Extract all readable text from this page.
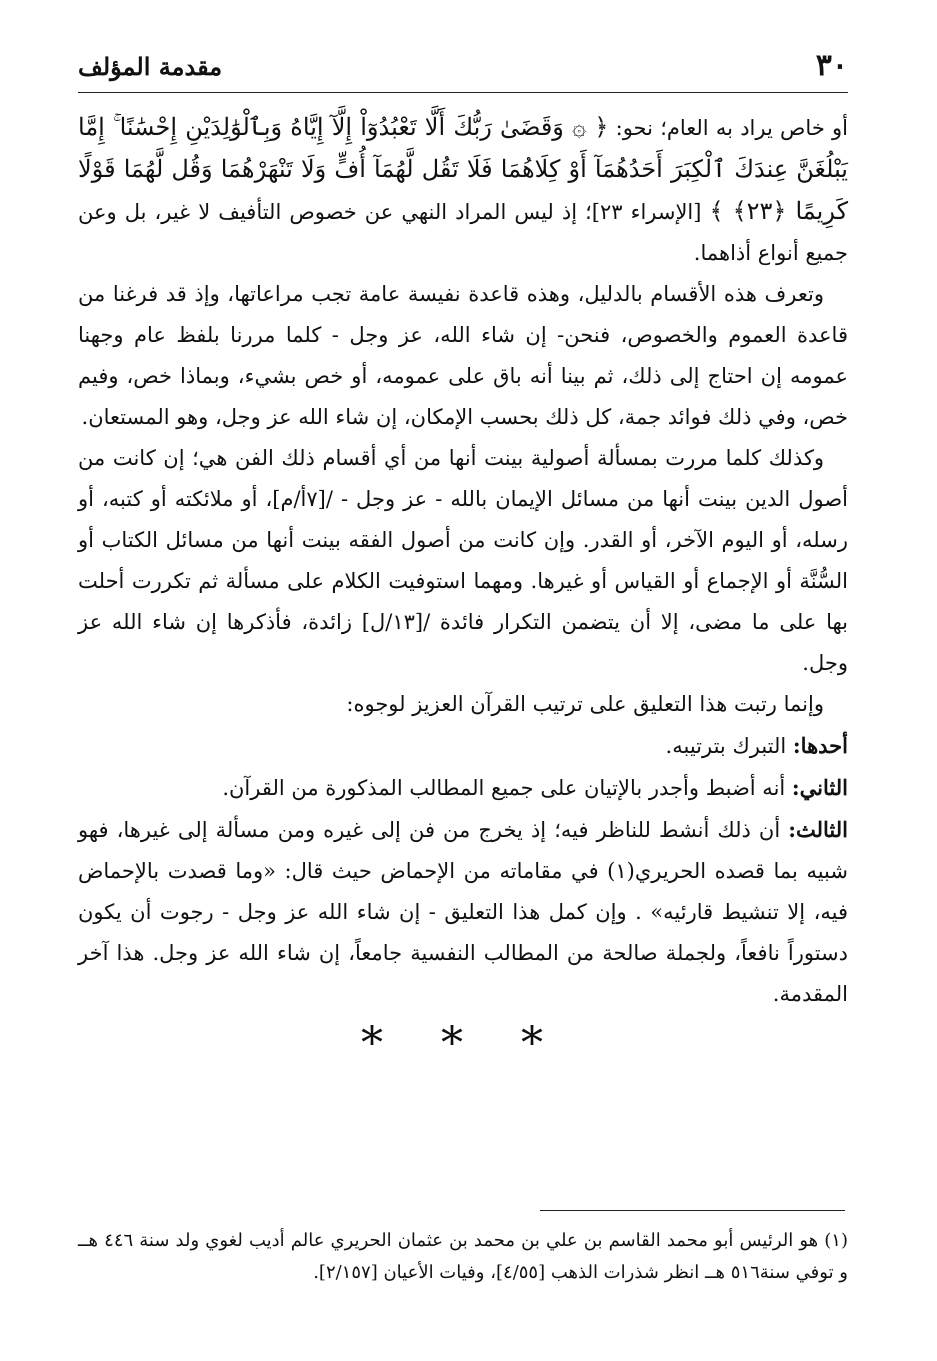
٣٠
مقدمة المؤلف

أو خاص يراد به العام؛ نحو: ﴿ ۞ وَقَضَىٰ رَبُّكَ أَلَّا تَعْبُدُوٓاْ إِلَّآ إِيَّاهُ وَبِٱلْوَٰلِدَيْنِ إِحْسَٰنًا ۚ إِمَّا يَبْلُغَنَّ عِندَكَ ٱلْكِبَرَ أَحَدُهُمَآ أَوْ كِلَاهُمَا فَلَا تَقُل لَّهُمَآ أُفٍّ وَلَا تَنْهَرْهُمَا وَقُل لَّهُمَا قَوْلًا كَرِيمًا ﴿٢٣﴾ ﴾ [الإسراء ٢٣]؛ إذ ليس المراد النهي عن خصوص التأفيف لا غير، بل وعن جميع أنواع أذاهما.

وتعرف هذه الأقسام بالدليل، وهذه قاعدة نفيسة عامة تجب مراعاتها، وإذ قد فرغنا من قاعدة العموم والخصوص، فنحن- إن شاء الله، عز وجل - كلما مررنا بلفظ عام وجهنا عمومه إن احتاج إلى ذلك، ثم بينا أنه باق على عمومه، أو خص بشيء، وبماذا خص، وفيم خص، وفي ذلك فوائد جمة، كل ذلك بحسب الإمكان، إن شاء الله عز وجل، وهو المستعان.

وكذلك كلما مررت بمسألة أصولية بينت أنها من أي أقسام ذلك الفن هي؛ إن كانت من أصول الدين بينت أنها من مسائل الإيمان بالله - عز وجل - /[٧أ/م]، أو ملائكته أو كتبه، أو رسله، أو اليوم الآخر، أو القدر. وإن كانت من أصول الفقه بينت أنها من مسائل الكتاب أو السُّنَّة أو الإجماع أو القياس أو غيرها. ومهما استوفيت الكلام على مسألة ثم تكررت أحلت بها على ما مضى، إلا أن يتضمن التكرار فائدة /[١٣/ل] زائدة، فأذكرها إن شاء الله عز وجل.

وإنما رتبت هذا التعليق على ترتيب القرآن العزيز لوجوه:

أحدها: التبرك بترتيبه.

الثاني: أنه أضبط وأجدر بالإتيان على جميع المطالب المذكورة من القرآن.

الثالث: أن ذلك أنشط للناظر فيه؛ إذ يخرج من فن إلى غيره ومن مسألة إلى غيرها، فهو شبيه بما قصده الحريري(١) في مقاماته من الإحماض حيث قال: «وما قصدت بالإحماض فيه، إلا تنشيط قارئيه» . وإن كمل هذا التعليق - إن شاء الله عز وجل - رجوت أن يكون دستوراً نافعاً، ولجملة صالحة من المطالب النفسية جامعاً، إن شاء الله عز وجل. هذا آخر المقدمة.

* * *

(١) هو الرئيس أبو محمد القاسم بن علي بن محمد بن عثمان الحريري عالم أديب لغوي ولد سنة ٤٤٦ هــ و توفي سنة٥١٦ هــ انظر شذرات الذهب [٤/٥٥]، وفيات الأعيان [٢/١٥٧].
